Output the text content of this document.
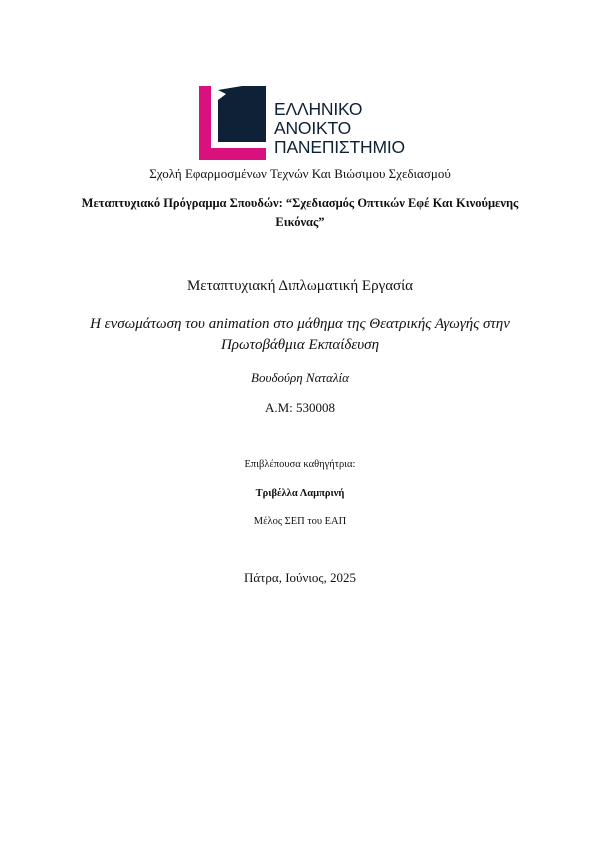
ΕΛΛΗΝΙΚΟ
ΑΝΟΙΚΤΟ
ΠΑΝΕΠΙΣΤΗΜΙΟ
Σχολή Εφαρμοσμένων Τεχνών Και Βιώσιμου Σχεδιασμού
Μεταπτυχιακό Πρόγραμμα Σπουδών: “Σχεδιασμός Οπτικών Εφέ Και Κινούμενης Εικόνας”
Μεταπτυχιακή Διπλωματική Εργασία
Η ενσωμάτωση του animation στο μάθημα της Θεατρικής Αγωγής στην Πρωτοβάθμια Εκπαίδευση
Βουδούρη Ναταλία
Α.Μ: 530008
Επιβλέπουσα καθηγήτρια:
Τριβέλλα Λαμπρινή
Μέλος ΣΕΠ του ΕΑΠ
Πάτρα, Ιούνιος, 2025
